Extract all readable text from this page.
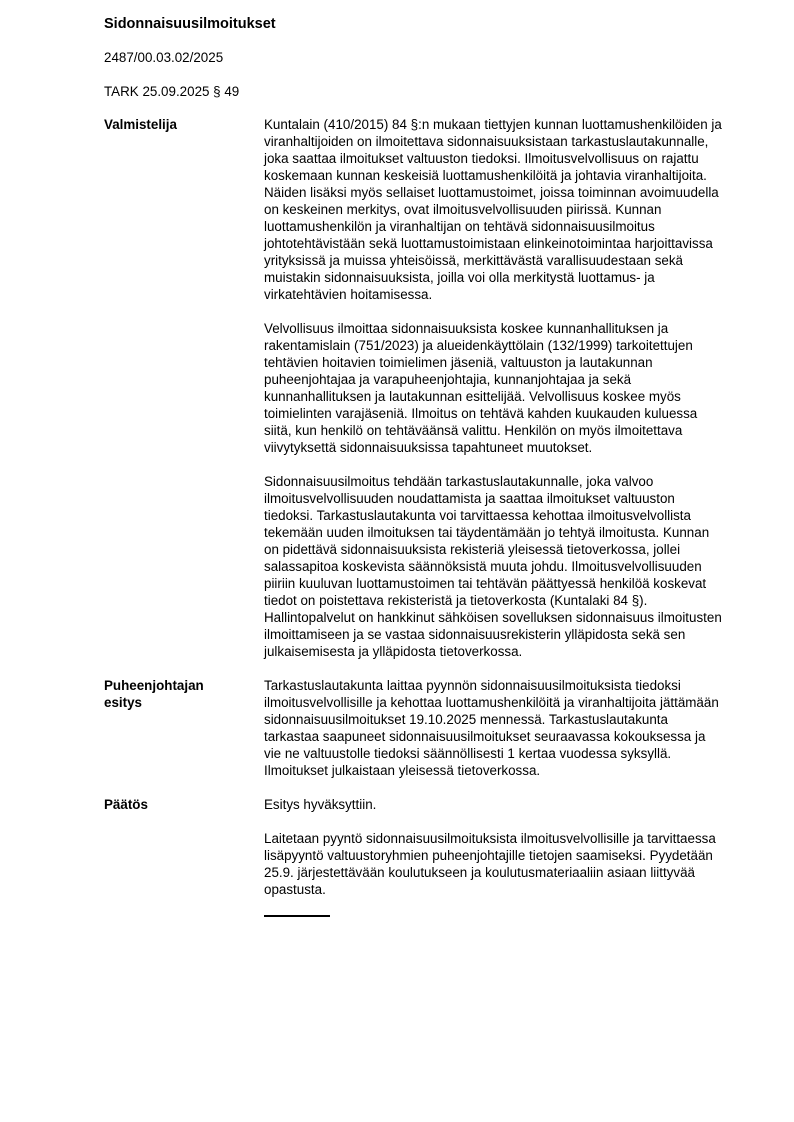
Sidonnaisuusilmoitukset

2487/00.03.02/2025

TARK 25.09.2025 § 49

Valmistelija	Kuntalain (410/2015) 84 §:n mukaan tiettyjen kunnan luottamushenkilöiden ja viranhaltijoiden on ilmoitettava sidonnaisuuksistaan tarkastuslautakunnalle, joka saattaa ilmoitukset valtuuston tiedoksi. Ilmoitusvelvollisuus on rajattu koskemaan kunnan keskeisiä luottamushenkilöitä ja johtavia viranhaltijoita. Näiden lisäksi myös sellaiset luottamustoimet, joissa toiminnan avoimuudella on keskeinen merkitys, ovat ilmoitusvelvollisuuden piirissä. Kunnan luottamushenkilön ja viranhaltijan on tehtävä sidonnaisuusilmoitus johtotehtävistään sekä luottamustoimistaan elinkeinotoimintaa harjoittavissa yrityksissä ja muissa yhteisöissä, merkittävästä varallisuudestaan sekä muistakin sidonnaisuuksista, joilla voi olla merkitystä luottamus- ja virkatehtävien hoitamisessa.

Velvollisuus ilmoittaa sidonnaisuuksista koskee kunnanhallituksen ja rakentamislain (751/2023) ja alueidenkäyttölain (132/1999) tarkoitettujen tehtävien hoitavien toimielimen jäseniä, valtuuston ja lautakunnan puheenjohtajaa ja varapuheenjohtajia, kunnanjohtajaa ja sekä kunnanhallituksen ja lautakunnan esittelijää. Velvollisuus koskee myös toimielinten varajäseniä. Ilmoitus on tehtävä kahden kuukauden kuluessa siitä, kun henkilö on tehtäväänsä valittu. Henkilön on myös ilmoitettava viivytyksettä sidonnaisuuksissa tapahtuneet muutokset.

Sidonnaisuusilmoitus tehdään tarkastuslautakunnalle, joka valvoo ilmoitusvelvollisuuden noudattamista ja saattaa ilmoitukset valtuuston tiedoksi. Tarkastuslautakunta voi tarvittaessa kehottaa ilmoitusvelvollista tekemään uuden ilmoituksen tai täydentämään jo tehtyä ilmoitusta. Kunnan on pidettävä sidonnaisuuksista rekisteriä yleisessä tietoverkossa, jollei salassapitoa koskevista säännöksistä muuta johdu. Ilmoitusvelvollisuuden piiriin kuuluvan luottamustoimen tai tehtävän päättyessä henkilöä koskevat tiedot on poistettava rekisteristä ja tietoverkosta (Kuntalaki 84 §). Hallintopalvelut on hankkinut sähköisen sovelluksen sidonnaisuus ilmoitusten ilmoittamiseen ja se vastaa sidonnaisuusrekisterin ylläpidosta sekä sen julkaisemisesta ja ylläpidosta tietoverkossa.

Puheenjohtajan esitys

Tarkastuslautakunta laittaa pyynnön sidonnaisuusilmoituksista tiedoksi ilmoitusvelvollisille ja kehottaa luottamushenkilöitä ja viranhaltijoita jättämään sidonnaisuusilmoitukset 19.10.2025 mennessä. Tarkastuslautakunta tarkastaa saapuneet sidonnaisuusilmoitukset seuraavassa kokouksessa ja vie ne valtuustolle tiedoksi säännöllisesti 1 kertaa vuodessa syksyllä. Ilmoitukset julkaistaan yleisessä tietoverkossa.

Päätös	Esitys hyväksyttiin.

Laitetaan pyyntö sidonnaisuusilmoituksista ilmoitusvelvollisille ja tarvittaessa lisäpyyntö valtuustoryhmien puheenjohtajille tietojen saamiseksi. Pyydetään 25.9. järjestettävään koulutukseen ja koulutusmateriaaliin asiaan liittyvää opastusta.
